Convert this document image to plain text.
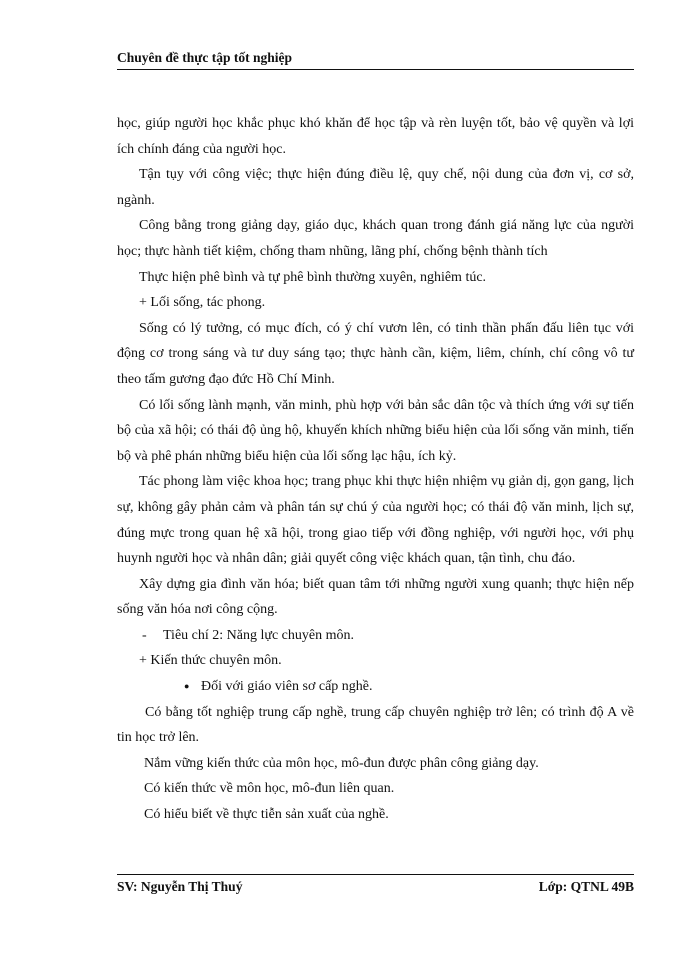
Chuyên đề thực tập tốt nghiệp

học, giúp người học khắc phục khó khăn để học tập và rèn luyện tốt, bảo vệ quyền và lợi ích chính đáng của người học.

Tận tụy với công việc; thực hiện đúng điều lệ, quy chế, nội dung của đơn vị, cơ sở, ngành.

Công bằng trong giảng dạy, giáo dục, khách quan trong đánh giá năng lực của người học; thực hành tiết kiệm, chống tham nhũng, lãng phí, chống bệnh thành tích

Thực hiện phê bình và tự phê bình thường xuyên, nghiêm túc.

+ Lối sống, tác phong.

Sống có lý tưởng, có mục đích, có ý chí vươn lên, có tinh thần phấn đấu liên tục với động cơ trong sáng và tư duy sáng tạo; thực hành cần, kiệm, liêm, chính, chí công vô tư theo tấm gương đạo đức Hồ Chí Minh.

Có lối sống lành mạnh, văn minh, phù hợp với bản sắc dân tộc và thích ứng với sự tiến bộ của xã hội; có thái độ ủng hộ, khuyến khích những biểu hiện của lối sống văn minh, tiến bộ và phê phán những biểu hiện của lối sống lạc hậu, ích kỷ.

Tác phong làm việc khoa học; trang phục khi thực hiện nhiệm vụ giản dị, gọn gang, lịch sự, không gây phản cảm và phân tán sự chú ý của người học; có thái độ văn minh, lịch sự, đúng mực trong quan hệ xã hội, trong giao tiếp với đồng nghiệp, với người học, với phụ huynh người học và nhân dân; giải quyết công việc khách quan, tận tình, chu đáo.

Xây dựng gia đình văn hóa; biết quan tâm tới những người xung quanh; thực hiện nếp sống văn hóa nơi công cộng.

- Tiêu chí 2: Năng lực chuyên môn.

+ Kiến thức chuyên môn.

● Đối với giáo viên sơ cấp nghề.

Có bằng tốt nghiệp trung cấp nghề, trung cấp chuyên nghiệp trở lên; có trình độ A về tin học trở lên.

Nắm vững kiến thức của môn học, mô-đun được phân công giảng dạy.

Có kiến thức về môn học, mô-đun liên quan.

Có hiểu biết về thực tiễn sản xuất của nghề.

SV: Nguyễn Thị Thuý	Lớp: QTNL 49B
